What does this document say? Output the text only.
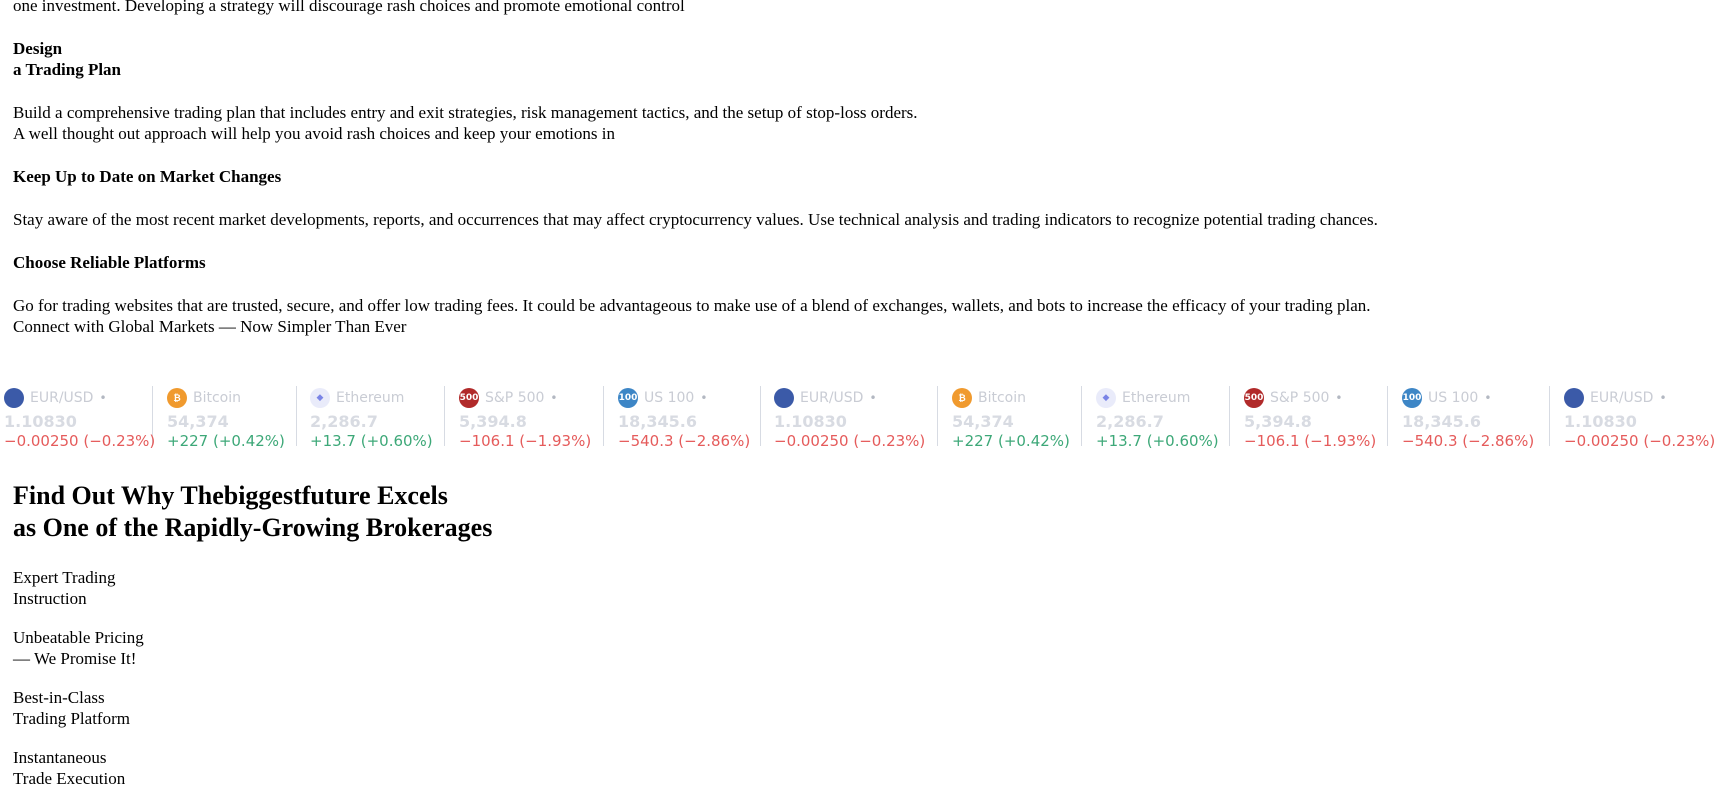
one investment. Developing a strategy will discourage rash choices and promote emotional control

Design

a Trading Plan

Build a comprehensive trading plan that includes entry and exit strategies, risk management tactics, and the setup of stop-loss orders.

A well thought out approach will help you avoid rash choices and keep your emotions in

Keep Up to Date on Market Changes

Stay aware of the most recent market developments, reports, and occurrences that may affect cryptocurrency values. Use technical analysis and trading indicators to recognize potential trading chances.

Choose Reliable Platforms

Go for trading websites that are trusted, secure, and offer low trading fees. It could be advantageous to make use of a blend of exchanges, wallets, and bots to increase the efficacy of your trading plan.

Connect with Global Markets — Now Simpler Than Ever

EUR/USD •
1.10830
−0.00250 (−0.23%)
₿ Bitcoin
54,374
+227 (+0.42%)
◆ Ethereum
2,286.7
+13.7 (+0.60%)
500 S&P 500 •
5,394.8
−106.1 (−1.93%)
100 US 100 •
18,345.6
−540.3 (−2.86%)
EUR/USD •
1.10830
−0.00250 (−0.23%)
₿ Bitcoin
54,374
+227 (+0.42%)
◆ Ethereum
2,286.7
+13.7 (+0.60%)
500 S&P 500 •
5,394.8
−106.1 (−1.93%)
100 US 100 •
18,345.6
−540.3 (−2.86%)
EUR/USD •
1.10830
−0.00250 (−0.23%)
Find Out Why Thebiggestfuture Excels
as One of the Rapidly-Growing Brokerages

Expert Trading
Instruction

Unbeatable Pricing
— We Promise It!

Best-in-Class
Trading Platform

Instantaneous
Trade Execution
